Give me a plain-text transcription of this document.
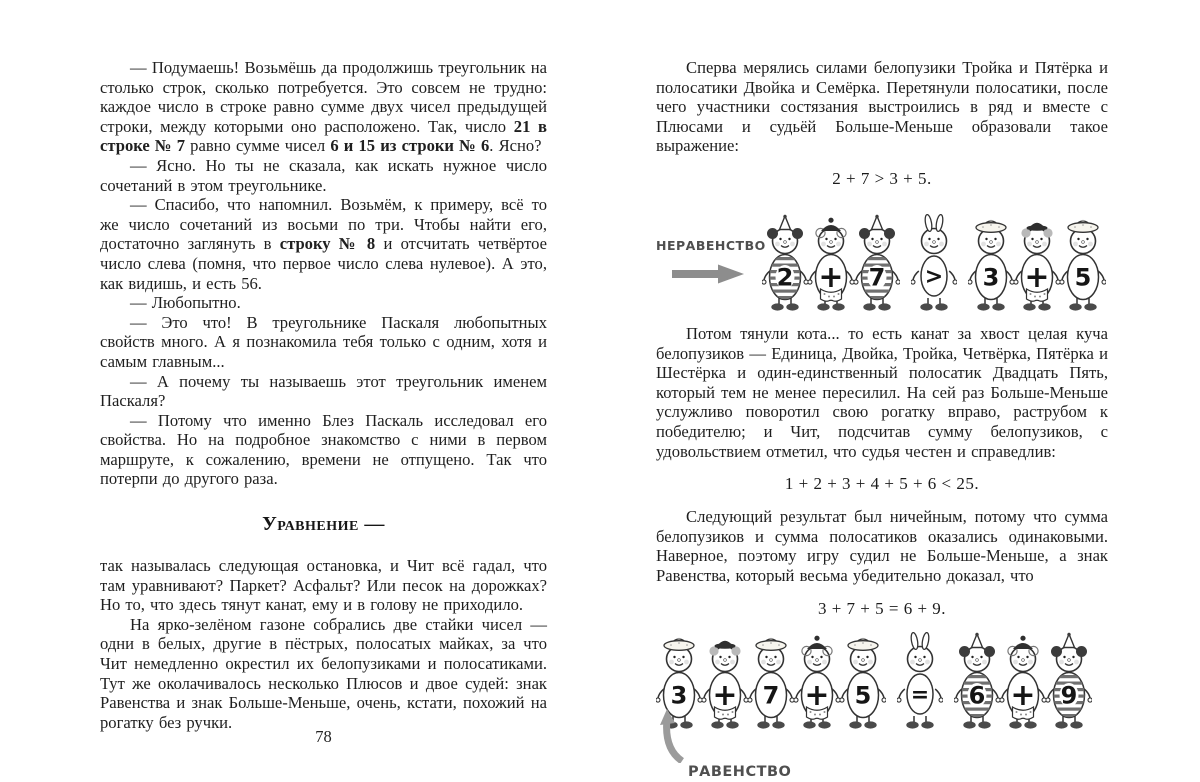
— Подумаешь! Возьмёшь да продолжишь треугольник на столько строк, сколько потребуется. Это совсем не трудно: каждое число в строке равно сумме двух чисел предыдущей строки, между которыми оно расположено. Так, число 21 в строке № 7 равно сумме чисел 6 и 15 из строки № 6. Ясно?

— Ясно. Но ты не сказала, как искать нужное число сочетаний в этом треугольнике.

— Спасибо, что напомнил. Возьмём, к примеру, всё то же число сочетаний из восьми по три. Чтобы найти его, достаточно заглянуть в строку № 8 и отсчитать четвёртое число слева (помня, что первое число слева нулевое). А это, как видишь, и есть 56.

— Любопытно.

— Это что! В треугольнике Паскаля любопытных свойств много. А я познакомила тебя только с одним, хотя и самым главным...

— А почему ты называешь этот треугольник именем Паскаля?

— Потому что именно Блез Паскаль исследовал его свойства. Но на подробное знакомство с ними в первом маршруте, к сожалению, времени не отпущено. Так что потерпи до другого раза.

Уравнение —

так называлась следующая остановка, и Чит всё гадал, что там уравнивают? Паркет? Асфальт? Или песок на дорожках? Но то, что здесь тянут канат, ему и в голову не приходило.

На ярко-зелёном газоне собрались две стайки чисел — одни в белых, другие в пёстрых, полосатых майках, за что Чит немедленно окрестил их белопузиками и полосатиками. Тут же околачивалось несколько Плюсов и двое судей: знак Равенства и знак Больше-Меньше, очень, кстати, похожий на рогатку без ручки.

Сперва мерялись силами белопузики Тройка и Пятёрка и полосатики Двойка и Семёрка. Перетянули полосатики, после чего участники состязания выстроились в ряд и вместе с Плюсами и судьёй Больше-Меньше образовали такое выражение:

2 + 7 > 3 + 5.
НЕРАВЕНСТВО
2 + 7 > 3 + 5

Потом тянули кота... то есть канат за хвост целая куча белопузиков — Единица, Двойка, Тройка, Четвёрка, Пятёрка и Шестёрка и один-единственный полосатик Двадцать Пять, который тем не менее пересилил. На сей раз Больше-Меньше услужливо поворотил свою рогатку вправо, раструбом к победителю; и Чит, подсчитав сумму белопузиков, с удовольствием отметил, что судья честен и справедлив:

1 + 2 + 3 + 4 + 5 + 6 < 25.

Следующий результат был ничейным, потому что сумма белопузиков и сумма полосатиков оказались одинаковыми. Наверное, поэтому игру судил не Больше-Меньше, а знак Равенства, который весьма убедительно доказал, что

3 + 7 + 5 = 6 + 9.
3 + 7 + 5 = 6 + 9
РАВЕНСТВО
78
